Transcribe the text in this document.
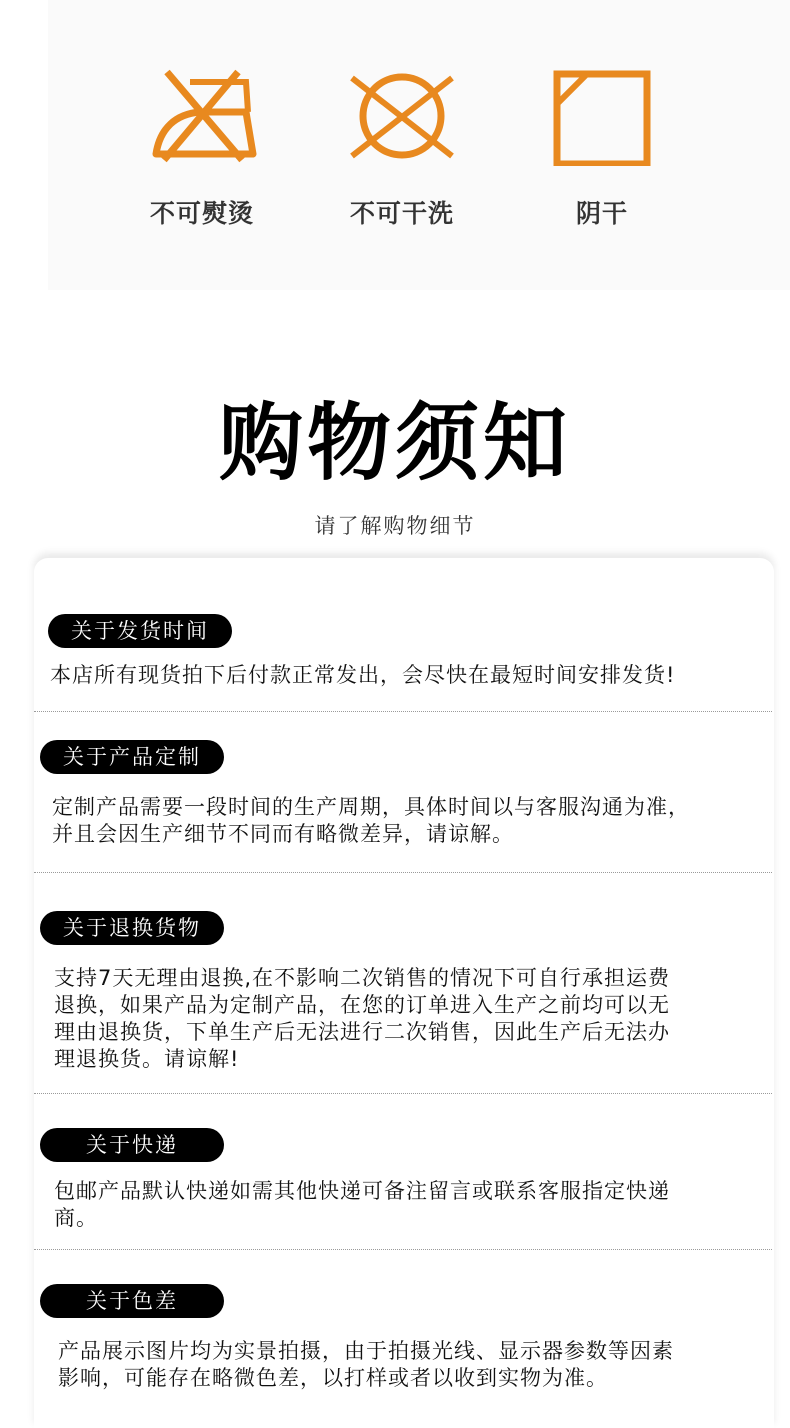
不可熨烫	不可干洗	阴干
购物须知
请了解购物细节
关于发货时间
本店所有现货拍下后付款正常发出，会尽快在最短时间安排发货!
关于产品定制
定制产品需要一段时间的生产周期，具体时间以与客服沟通为准，
并且会因生产细节不同而有略微差异，请谅解。
关于退换货物
支持7天无理由退换,在不影响二次销售的情况下可自行承担运费
退换，如果产品为定制产品，在您的订单进入生产之前均可以无
理由退换货，下单生产后无法进行二次销售，因此生产后无法办
理退换货。请谅解!
关于快递
包邮产品默认快递如需其他快递可备注留言或联系客服指定快递
商。
关于色差
产品展示图片均为实景拍摄，由于拍摄光线、显示器参数等因素
影响，可能存在略微色差，以打样或者以收到实物为准。
